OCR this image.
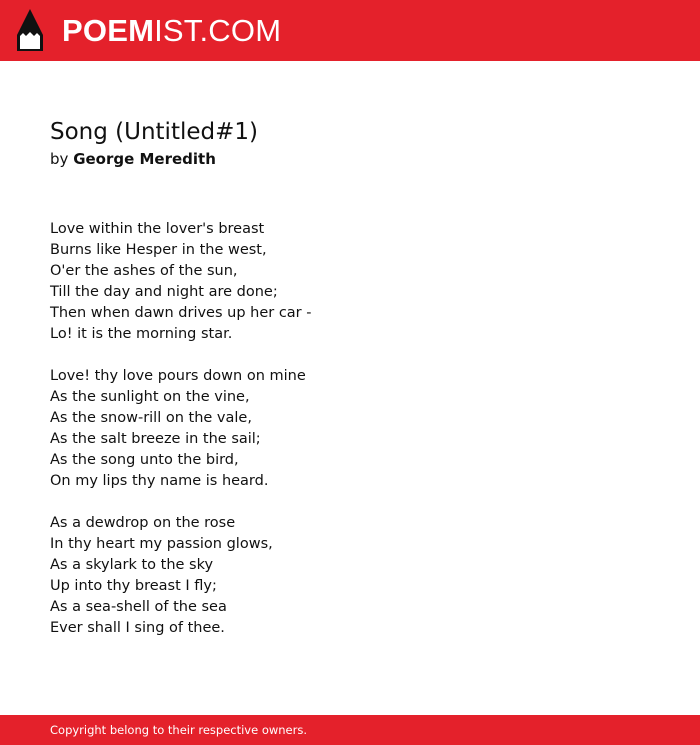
POEMIST.COM
Song (Untitled#1)
by George Meredith
Love within the lover's breast
Burns like Hesper in the west,
O'er the ashes of the sun,
Till the day and night are done;
Then when dawn drives up her car -
Lo! it is the morning star.
Love! thy love pours down on mine
As the sunlight on the vine,
As the snow-rill on the vale,
As the salt breeze in the sail;
As the song unto the bird,
On my lips thy name is heard.
As a dewdrop on the rose
In thy heart my passion glows,
As a skylark to the sky
Up into thy breast I fly;
As a sea-shell of the sea
Ever shall I sing of thee.
Copyright belong to their respective owners.
